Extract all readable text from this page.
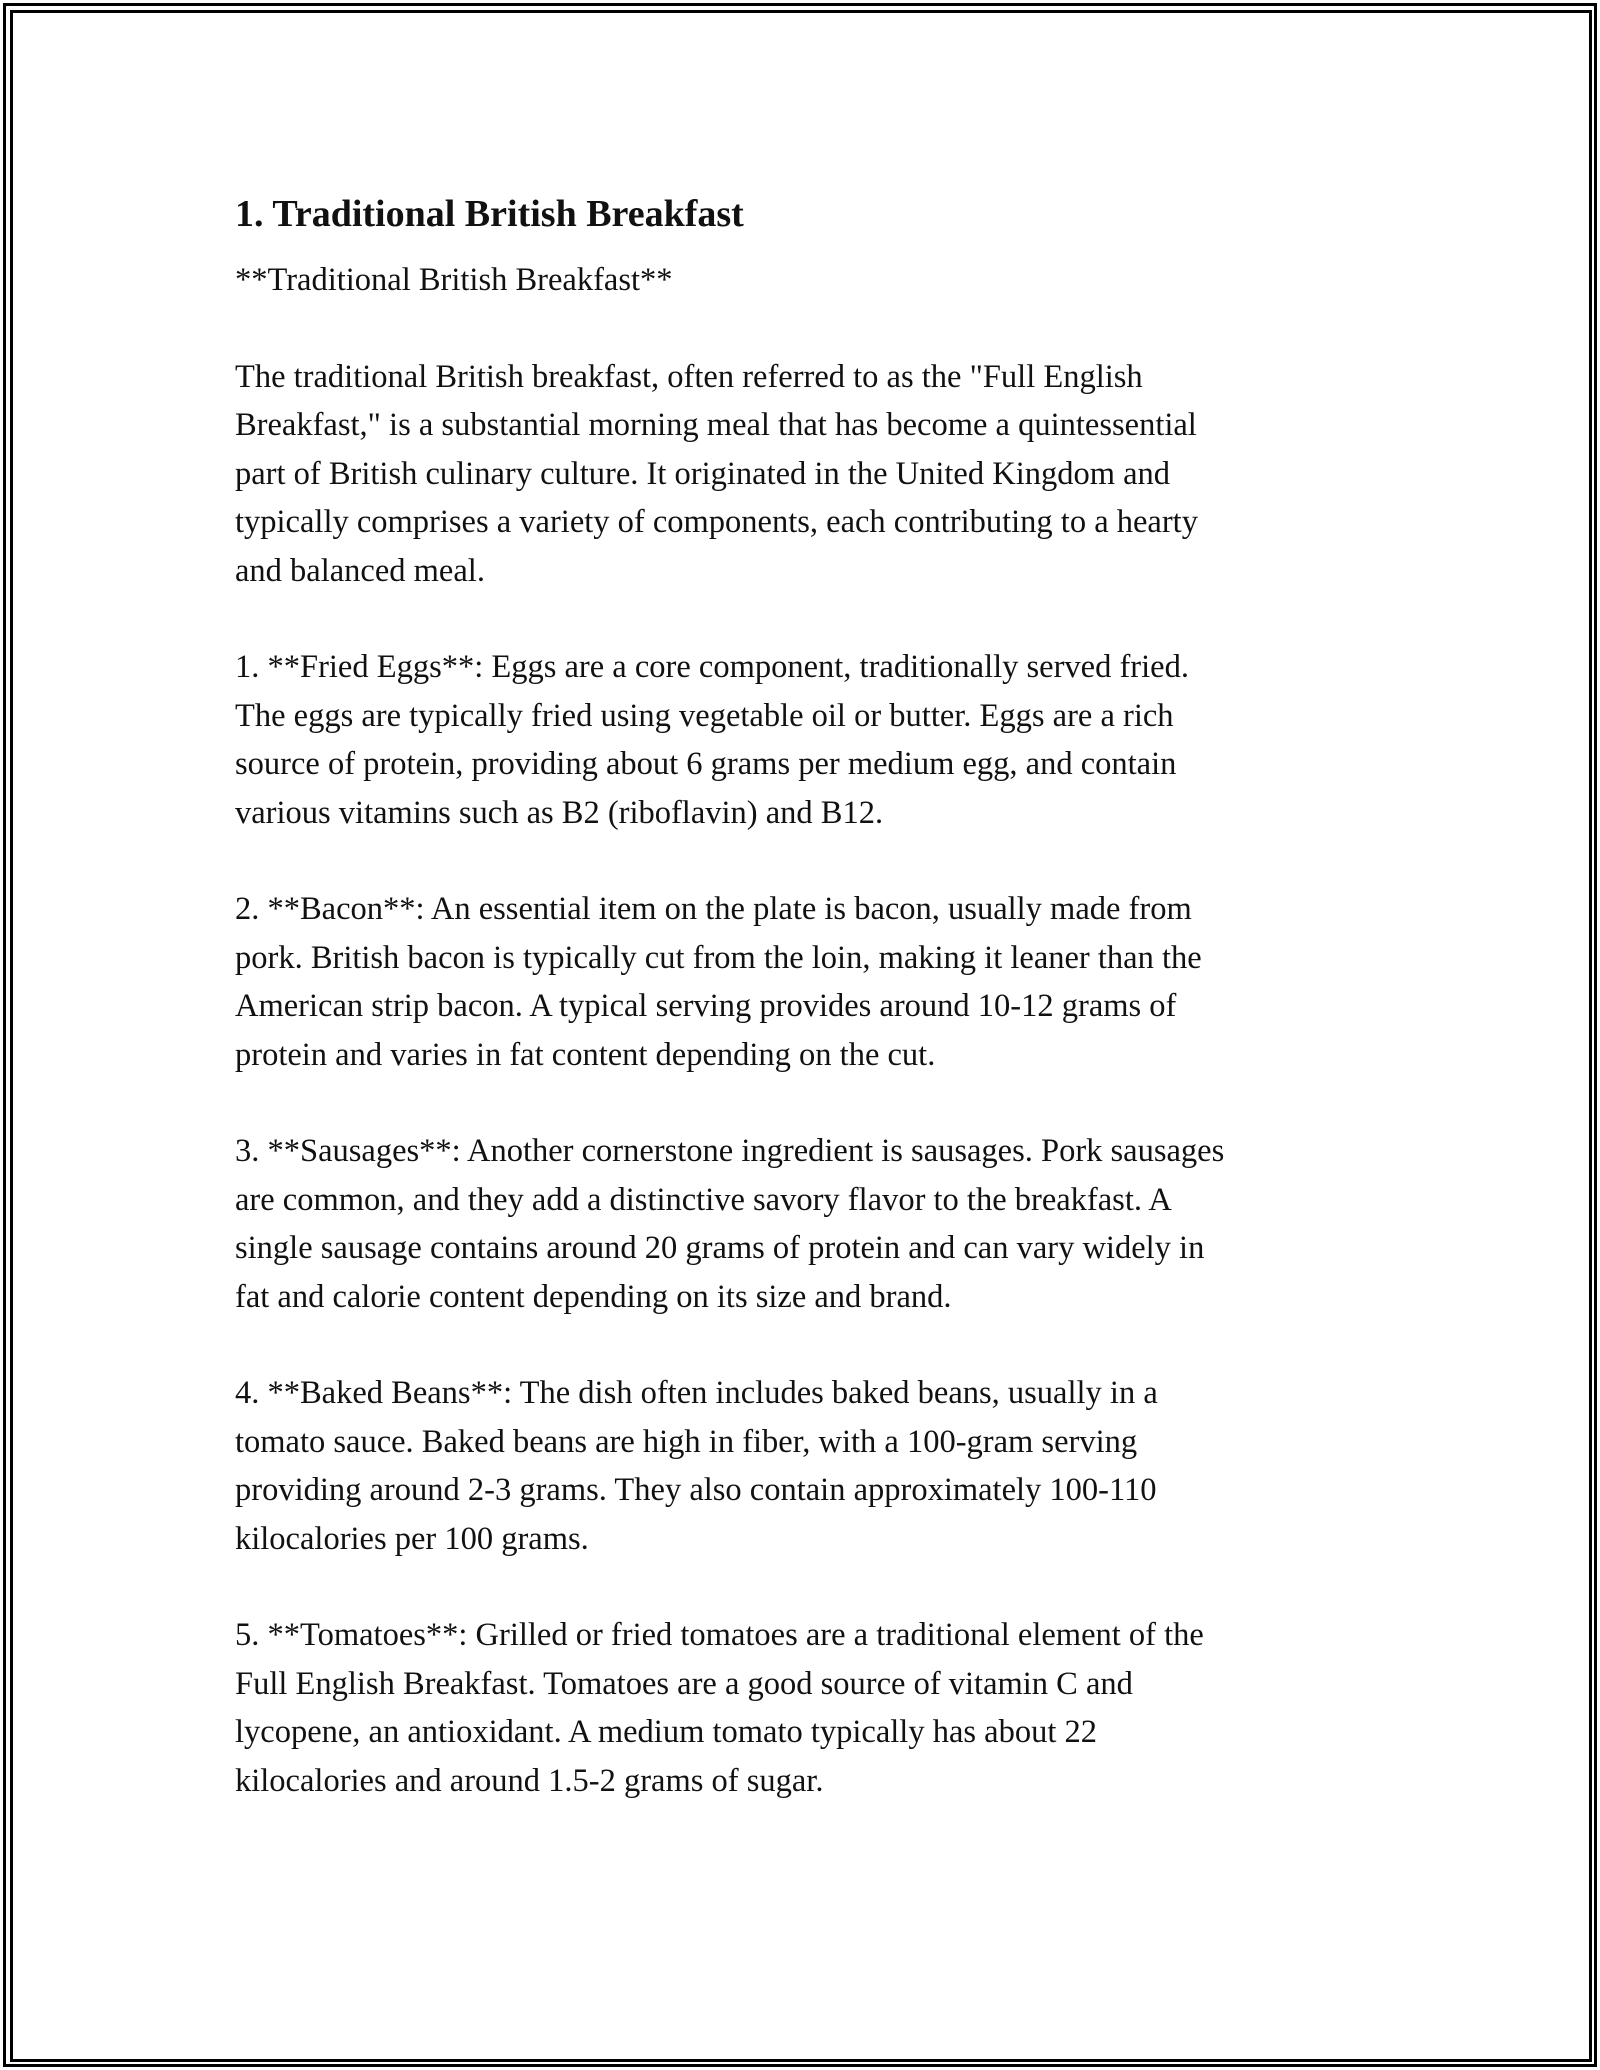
1. Traditional British Breakfast

**Traditional British Breakfast**

The traditional British breakfast, often referred to as the "Full English
Breakfast," is a substantial morning meal that has become a quintessential
part of British culinary culture. It originated in the United Kingdom and
typically comprises a variety of components, each contributing to a hearty
and balanced meal.

1. **Fried Eggs**: Eggs are a core component, traditionally served fried.
The eggs are typically fried using vegetable oil or butter. Eggs are a rich
source of protein, providing about 6 grams per medium egg, and contain
various vitamins such as B2 (riboflavin) and B12.

2. **Bacon**: An essential item on the plate is bacon, usually made from
pork. British bacon is typically cut from the loin, making it leaner than the
American strip bacon. A typical serving provides around 10-12 grams of
protein and varies in fat content depending on the cut.

3. **Sausages**: Another cornerstone ingredient is sausages. Pork sausages
are common, and they add a distinctive savory flavor to the breakfast. A
single sausage contains around 20 grams of protein and can vary widely in
fat and calorie content depending on its size and brand.

4. **Baked Beans**: The dish often includes baked beans, usually in a
tomato sauce. Baked beans are high in fiber, with a 100-gram serving
providing around 2-3 grams. They also contain approximately 100-110
kilocalories per 100 grams.

5. **Tomatoes**: Grilled or fried tomatoes are a traditional element of the
Full English Breakfast. Tomatoes are a good source of vitamin C and
lycopene, an antioxidant. A medium tomato typically has about 22
kilocalories and around 1.5-2 grams of sugar.
